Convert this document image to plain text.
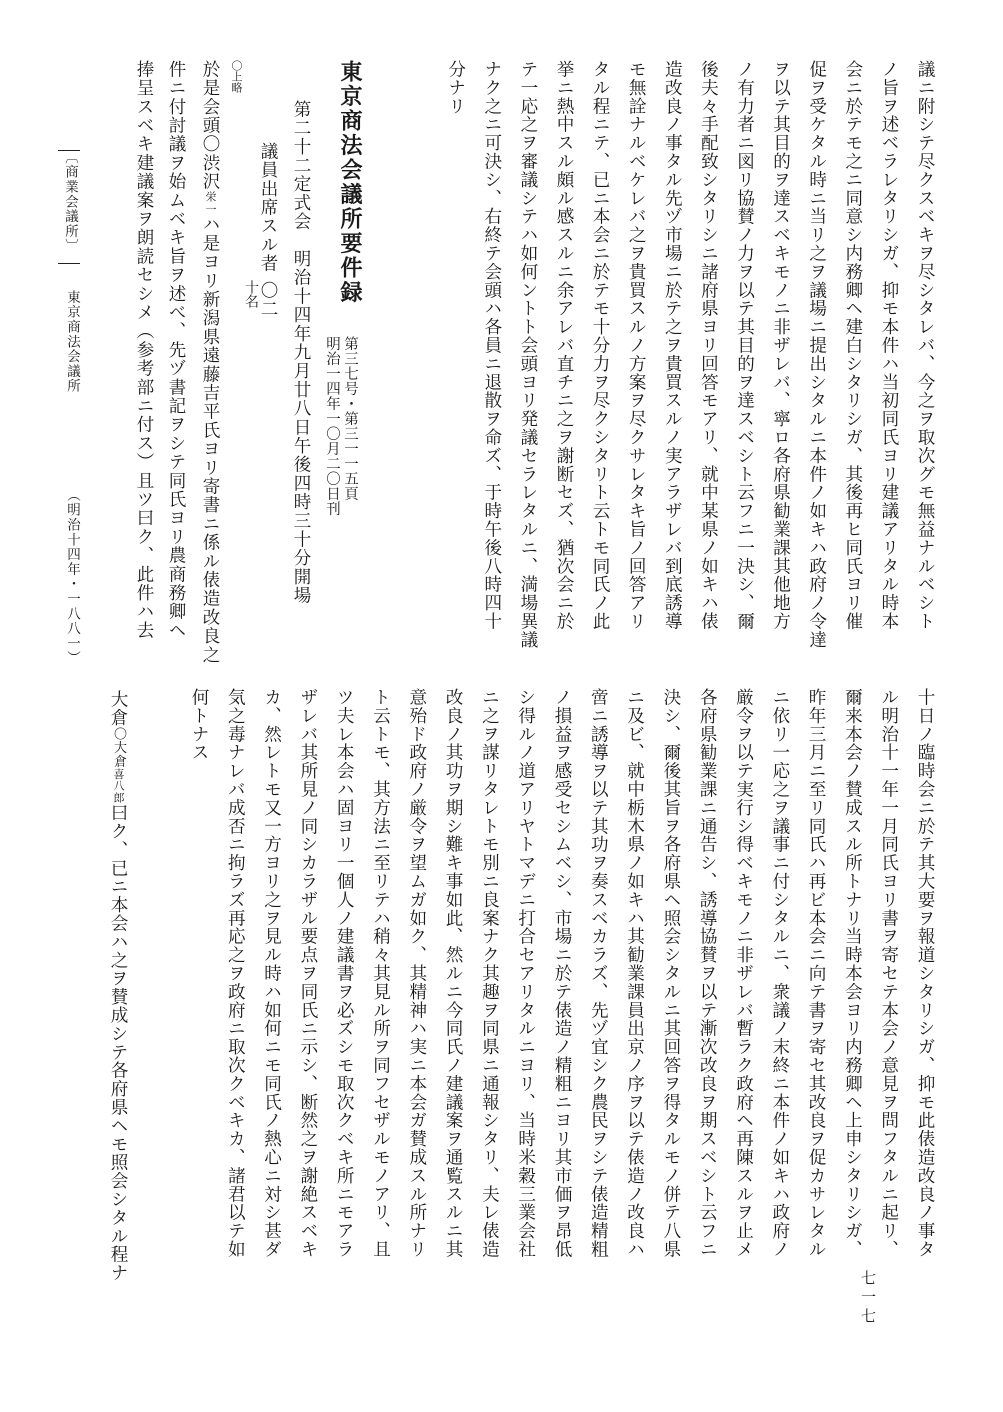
議ニ附シテ尽クスベキヲ尽シタレバ、今之ヲ取次グモ無益ナルベシト
ノ旨ヲ述ベラレタリシガ、抑モ本件ハ当初同氏ヨリ建議アリタル時本
会ニ於テモ之ニ同意シ内務卿ヘ建白シタリシガ、其後再ヒ同氏ヨリ催
促ヲ受ケタル時ニ当リ之ヲ議場ニ提出シタルニ本件ノ如キハ政府ノ令達
ヲ以テ其目的ヲ達スベキモノニ非ザレバ、寧ロ各府県勧業課其他地方
ノ有力者ニ図リ協賛ノ力ヲ以テ其目的ヲ達スベシト云フニ一決シ、爾
後夫々手配致シタリシニ諸府県ヨリ回答モアリ、就中某県ノ如キハ俵
造改良ノ事タル先ヅ市場ニ於テ之ヲ貴買スルノ実アラザレバ到底誘導
モ無詮ナルベケレバ之ヲ貴買スルノ方案ヲ尽クサレタキ旨ノ回答アリ
タル程ニテ、已ニ本会ニ於テモ十分力ヲ尽クシタリト云トモ同氏ノ此
挙ニ熱中スル頗ル感スルニ余アレバ直チニ之ヲ謝断セズ、猶次会ニ於
テ一応之ヲ審議シテハ如何ントト会頭ヨリ発議セラレタルニ、満場異議
ナク之ニ可決シ、右終テ会頭ハ各員ニ退散ヲ命ズ、于時午後八時四十
分ナリ
東京商法会議所要件録
第三七号・第三一一五頁
明治一四年一〇月二〇日刊
第二十二定式会　明治十四年九月廿八日午後四時三十分開場
議員出席スル者〇二
十名
〇上略
於是会頭〇渋沢栄一ハ是ヨリ新潟県遠藤吉平氏ヨリ寄書ニ係ル俵造改良之
件ニ付討議ヲ始ムベキ旨ヲ述べ、先ヅ書記ヲシテ同氏ヨリ農商務卿ヘ
捧呈スベキ建議案ヲ朗読セシメ（参考部ニ付ス）且ツ曰ク、此件ハ去
〔商業会議所〕
東京商法会議所
（明治十四年・一八八一）
十日ノ臨時会ニ於テ其大要ヲ報道シタリシガ、抑モ此俵造改良ノ事タ
ル明治十一年一月同氏ヨリ書ヲ寄セテ本会ノ意見ヲ問フタルニ起リ、
爾来本会ノ賛成スル所トナリ当時本会ヨリ内務卿ヘ上申シタリシガ、
昨年三月ニ至リ同氏ハ再ビ本会ニ向テ書ヲ寄セ其改良ヲ促カサレタル
ニ依リ一応之ヲ議事ニ付シタルニ、衆議ノ末終ニ本件ノ如キハ政府ノ
厳令ヲ以テ実行シ得ベキモノニ非ザレバ暫ラク政府ヘ再陳スルヲ止メ
各府県勧業課ニ通告シ、誘導協賛ヲ以テ漸次改良ヲ期スベシト云フニ
決シ、爾後其旨ヲ各府県ヘ照会シタルニ其回答ヲ得タルモノ併テ八県
ニ及ビ、就中栃木県ノ如キハ其勧業課員出京ノ序ヲ以テ俵造ノ改良ハ
啻ニ誘導ヲ以テ其功ヲ奏スベカラズ、先ヅ宜シク農民ヲシテ俵造精粗
ノ損益ヲ感受セシムベシ、市場ニ於テ俵造ノ精粗ニヨリ其市価ヲ昂低
シ得ルノ道アリヤトマデニ打合セアリタルニヨリ、当時米穀三業会社
ニ之ヲ謀リタレトモ別ニ良案ナク其趣ヲ同県ニ通報シタリ、夫レ俵造
改良ノ其功ヲ期シ難キ事如此、然ルニ今同氏ノ建議案ヲ通覧スルニ其
意殆ド政府ノ厳令ヲ望ムガ如ク、其精神ハ実ニ本会ガ賛成スル所ナリ
ト云トモ、其方法ニ至リテハ稍々其見ル所ヲ同フセザルモノアリ、且
ツ夫レ本会ハ固ヨリ一個人ノ建議書ヲ必ズシモ取次クベキ所ニモアラ
ザレバ其所見ノ同シカラザル要点ヲ同氏ニ示シ、断然之ヲ謝絶スベキ
カ、然レトモ又一方ヨリ之ヲ見ル時ハ如何ニモ同氏ノ熱心ニ対シ甚ダ
気之毒ナレバ成否ニ拘ラズ再応之ヲ政府ニ取次クベキカ、諸君以テ如
何トナス
大倉〇大倉喜八郎曰ク、已ニ本会ハ之ヲ賛成シテ各府県ヘモ照会シタル程ナ
七一七
